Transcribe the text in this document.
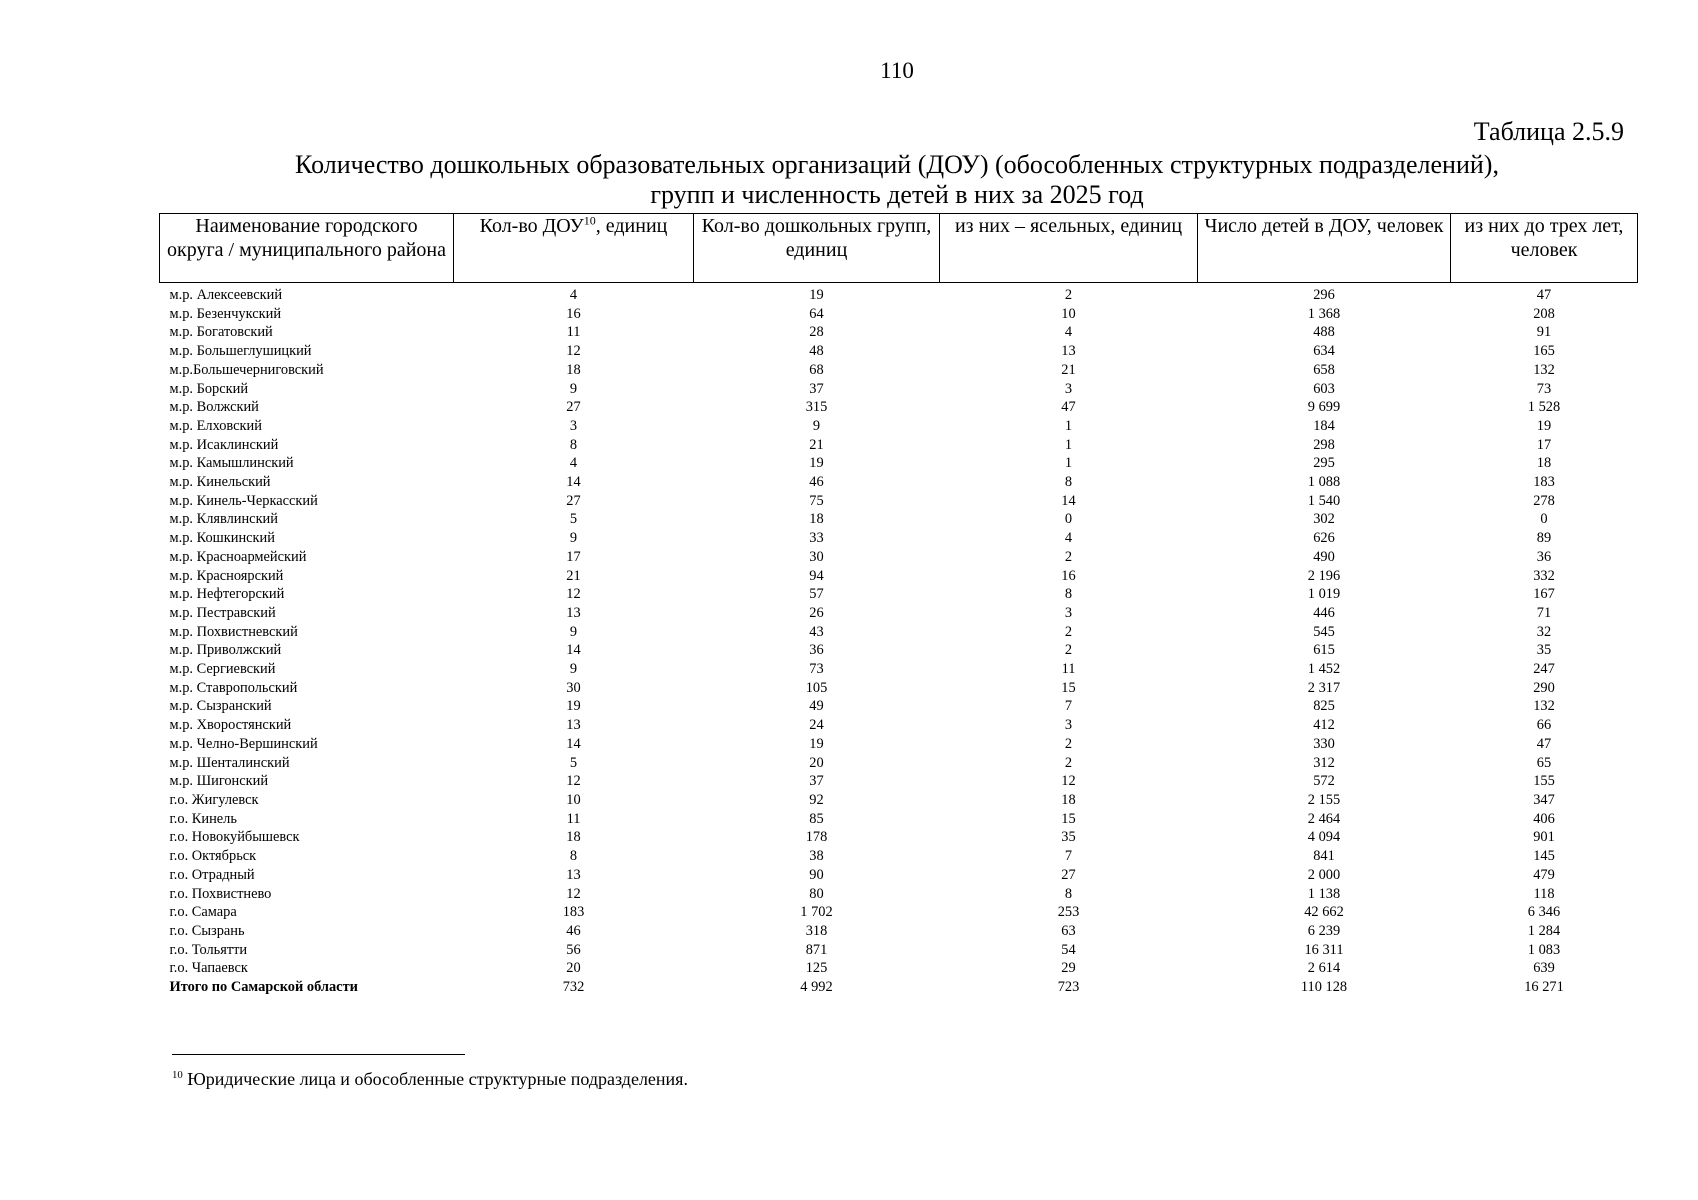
110
Таблица 2.5.9
Количество дошкольных образовательных организаций (ДОУ) (обособленных структурных подразделений),
групп и численность детей в них за 2025 год
Наименование городского округа / муниципального района	Кол-во ДОУ$^{10}$, единиц	Кол-во дошкольных групп, единиц	из них – ясельных, единиц	Число детей в ДОУ, человек	из них до трех лет, человек
м.р. Алексеевский	4	19	2	296	47
м.р. Безенчукский	16	64	10	1 368	208
м.р. Богатовский	11	28	4	488	91
м.р. Большеглушицкий	12	48	13	634	165
м.р.Большечерниговский	18	68	21	658	132
м.р. Борский	9	37	3	603	73
м.р. Волжский	27	315	47	9 699	1 528
м.р. Елховский	3	9	1	184	19
м.р. Исаклинский	8	21	1	298	17
м.р. Камышлинский	4	19	1	295	18
м.р. Кинельский	14	46	8	1 088	183
м.р. Кинель-Черкасский	27	75	14	1 540	278
м.р. Клявлинский	5	18	0	302	0
м.р. Кошкинский	9	33	4	626	89
м.р. Красноармейский	17	30	2	490	36
м.р. Красноярский	21	94	16	2 196	332
м.р. Нефтегорский	12	57	8	1 019	167
м.р. Пестравский	13	26	3	446	71
м.р. Похвистневский	9	43	2	545	32
м.р. Приволжский	14	36	2	615	35
м.р. Сергиевский	9	73	11	1 452	247
м.р. Ставропольский	30	105	15	2 317	290
м.р. Сызранский	19	49	7	825	132
м.р. Хворостянский	13	24	3	412	66
м.р. Челно-Вершинский	14	19	2	330	47
м.р. Шенталинский	5	20	2	312	65
м.р. Шигонский	12	37	12	572	155
г.о. Жигулевск	10	92	18	2 155	347
г.о. Кинель	11	85	15	2 464	406
г.о. Новокуйбышевск	18	178	35	4 094	901
г.о. Октябрьск	8	38	7	841	145
г.о. Отрадный	13	90	27	2 000	479
г.о. Похвистнево	12	80	8	1 138	118
г.о. Самара	183	1 702	253	42 662	6 346
г.о. Сызрань	46	318	63	6 239	1 284
г.о. Тольятти	56	871	54	16 311	1 083
г.о. Чапаевск	20	125	29	2 614	639
Итого по Самарской области	732	4 992	723	110 128	16 271
$^{10}$ Юридические лица и обособленные структурные подразделения.
